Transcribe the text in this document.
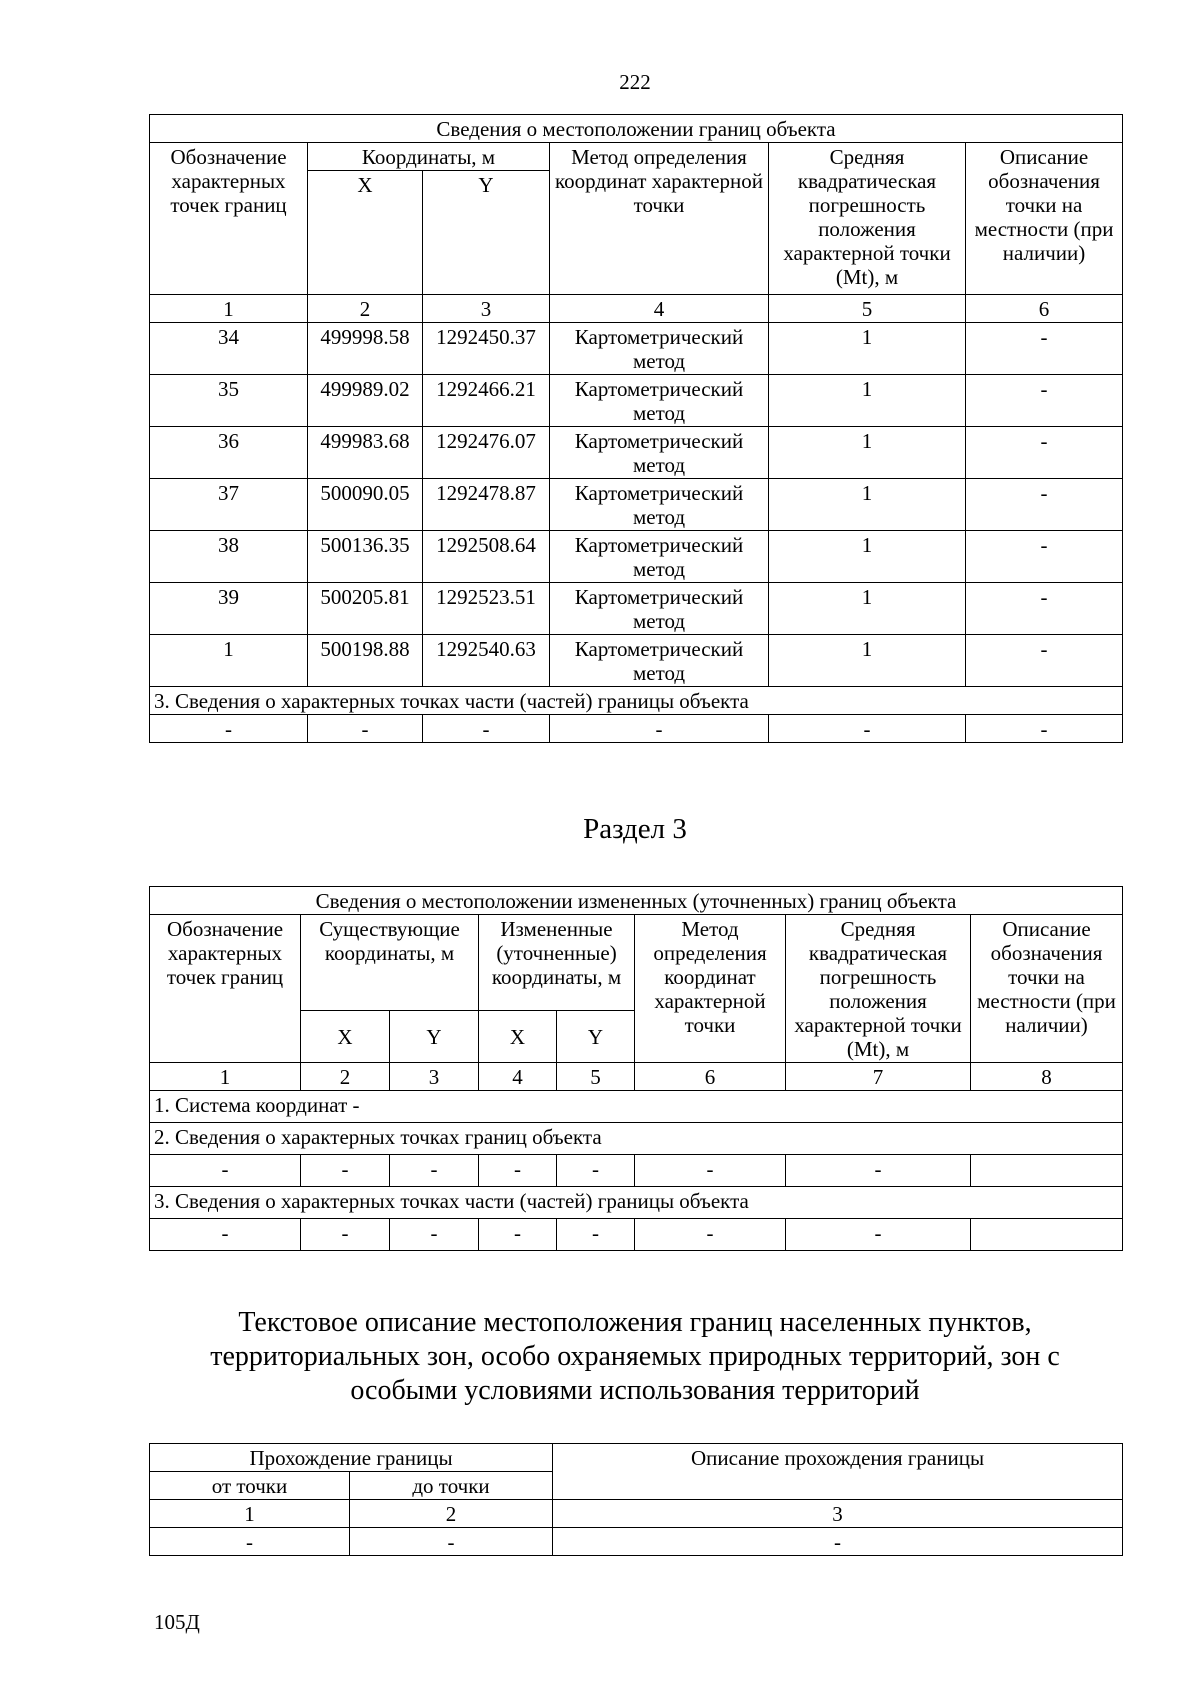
222
Сведения о местоположении границ объекта					
Обозначение характерных точек границ	Координаты, м		Метод определения координат характерной точки	Средняя квадратическая погрешность положения характерной точки (Mt), м	Описание обозначения точки на местности (при наличии)
	X	Y			
1	2	3	4	5	6
34	499998.58	1292450.37	Картометрический метод	1	-
35	499989.02	1292466.21	Картометрический метод	1	-
36	499983.68	1292476.07	Картометрический метод	1	-
37	500090.05	1292478.87	Картометрический метод	1	-
38	500136.35	1292508.64	Картометрический метод	1	-
39	500205.81	1292523.51	Картометрический метод	1	-
1	500198.88	1292540.63	Картометрический метод	1	-
3. Сведения о характерных точках части (частей) границы объекта					
-	-	-	-	-	-
Раздел 3
Сведения о местоположении измененных (уточненных) границ объекта							
Обозначение характерных точек границ	Существующие координаты, м		Измененные (уточненные) координаты, м		Метод определения координат характерной точки	Средняя квадратическая погрешность положения характерной точки (Mt), м	Описание обозначения точки на местности (при наличии)
	X	Y	X	Y			
1	2	3	4	5	6	7	8
1. Система координат -							
2. Сведения о характерных точках границ объекта							
-	-	-	-	-	-	-	
3. Сведения о характерных точках части (частей) границы объекта							
-	-	-	-	-	-	-	
Текстовое описание местоположения границ населенных пунктов, территориальных зон, особо охраняемых природных территорий, зон с особыми условиями использования территорий
Прохождение границы		Описание прохождения границы
от точки	до точки	
1	2	3
-	-	-
105Д
